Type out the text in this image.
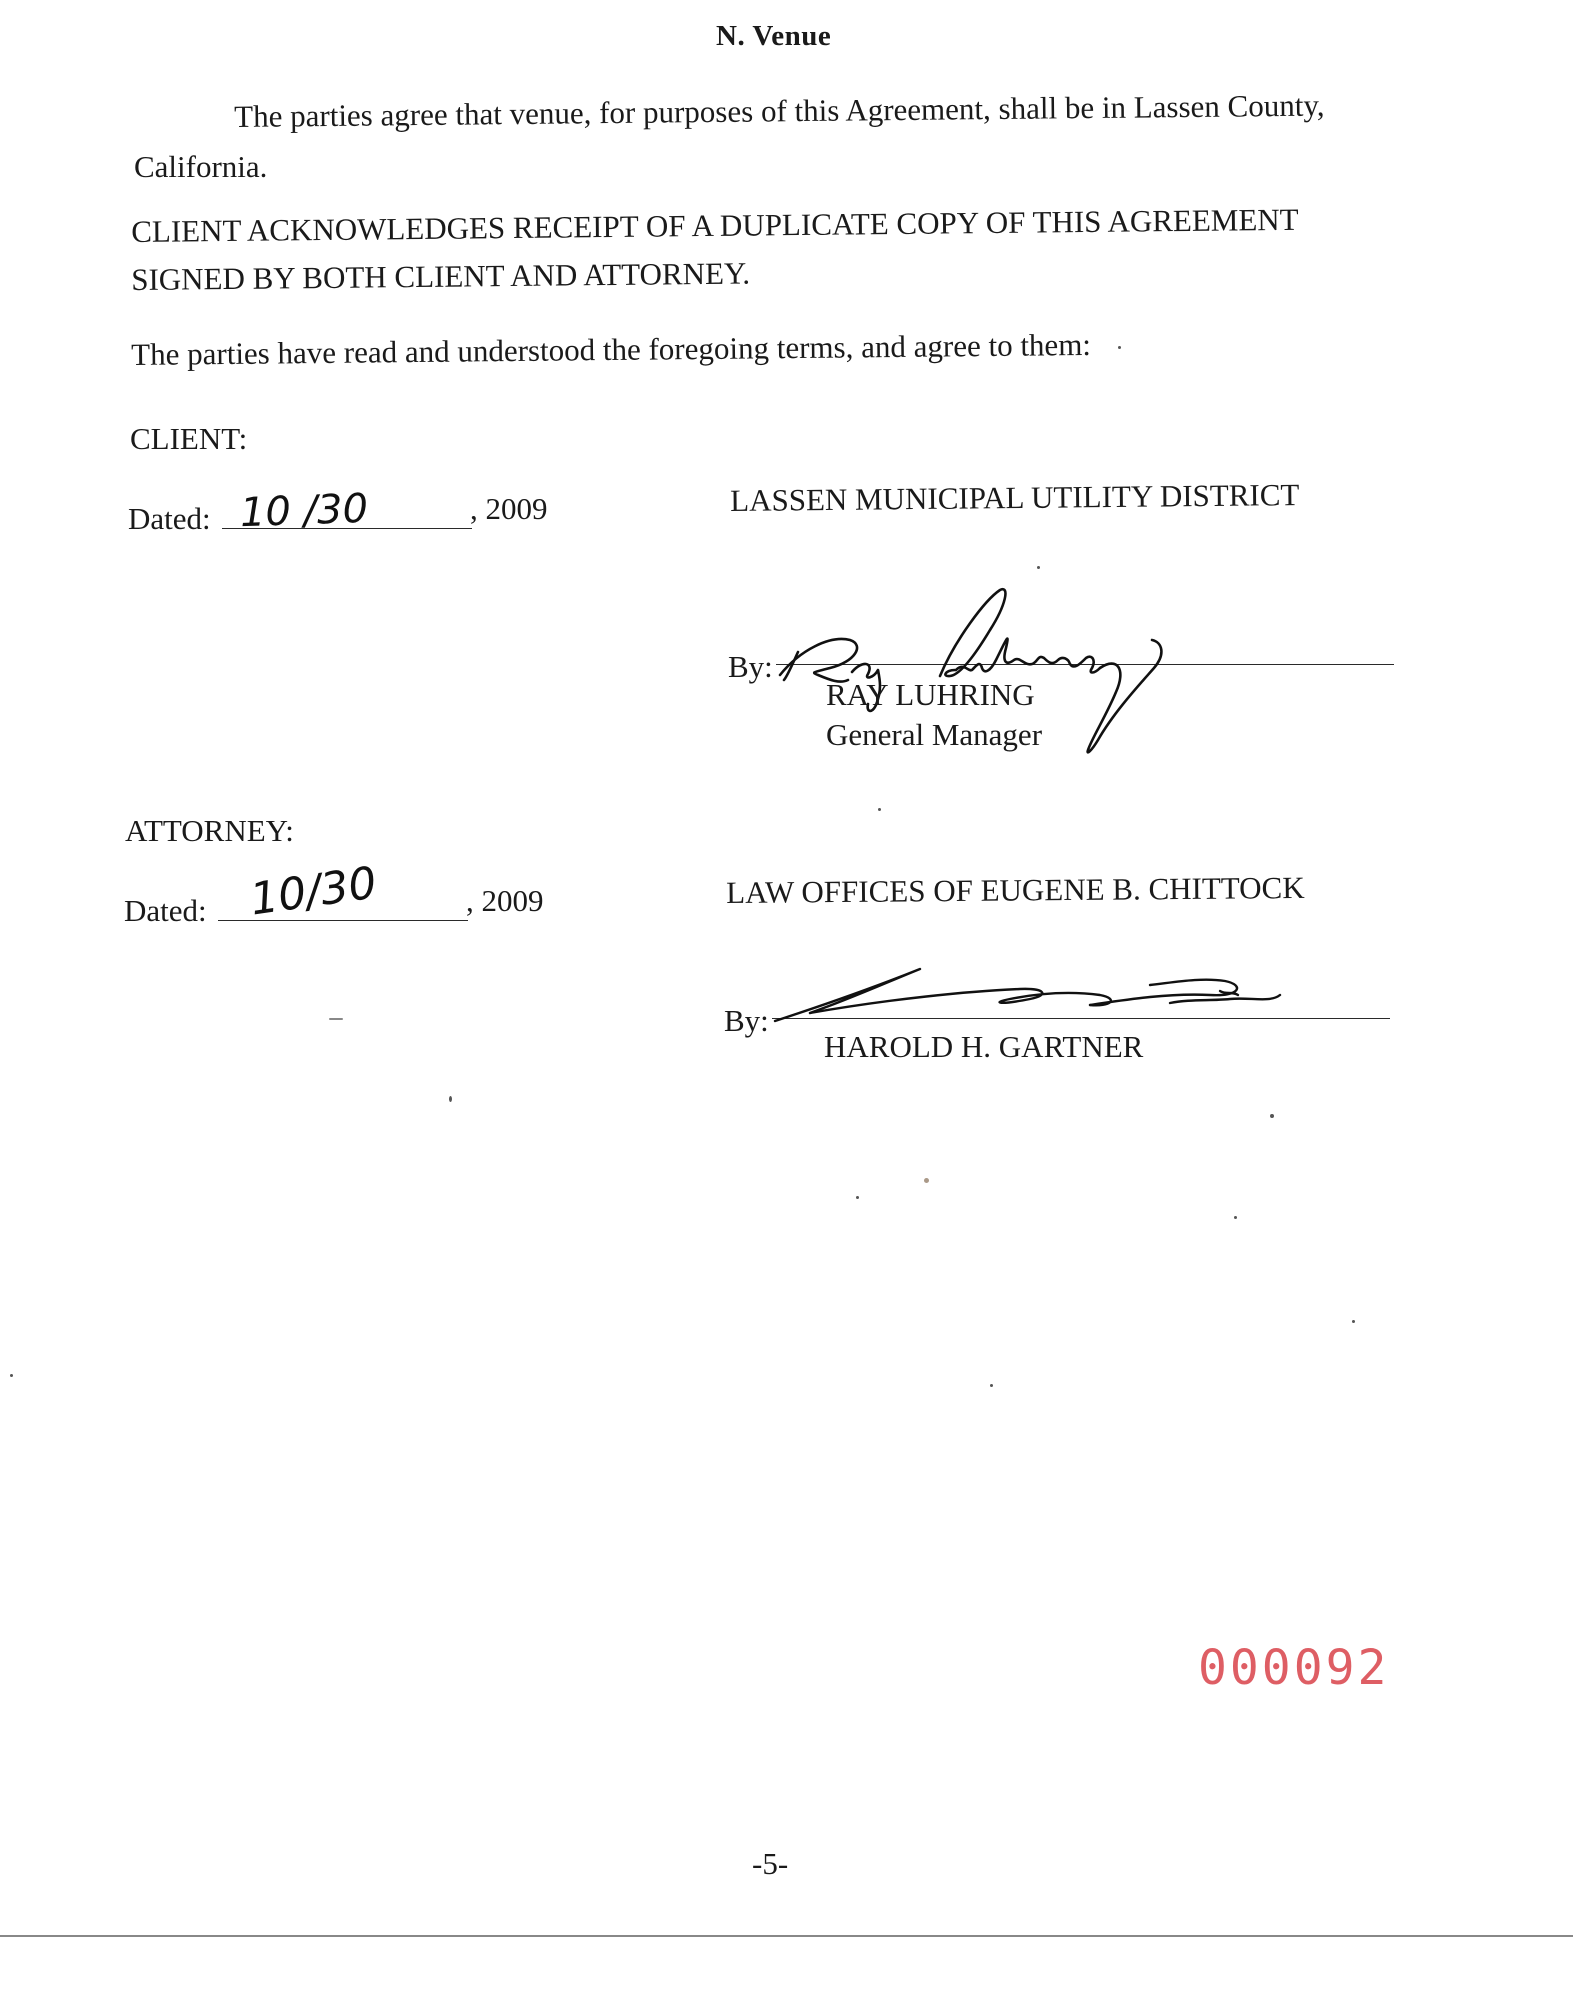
N. Venue
The parties agree that venue, for purposes of this Agreement, shall be in Lassen County,
California.
CLIENT ACKNOWLEDGES RECEIPT OF A DUPLICATE COPY OF THIS AGREEMENT
SIGNED BY BOTH CLIENT AND ATTORNEY.
The parties have read and understood the foregoing terms, and agree to them:
CLIENT:
Dated: 10 /30	, 2009	LASSEN MUNICIPAL UTILITY DISTRICT
By:
RAY LUHRING
General Manager
ATTORNEY:
Dated: 10/30	, 2009	LAW OFFICES OF EUGENE B. CHITTOCK
By:
HAROLD H. GARTNER
000092
-5-
